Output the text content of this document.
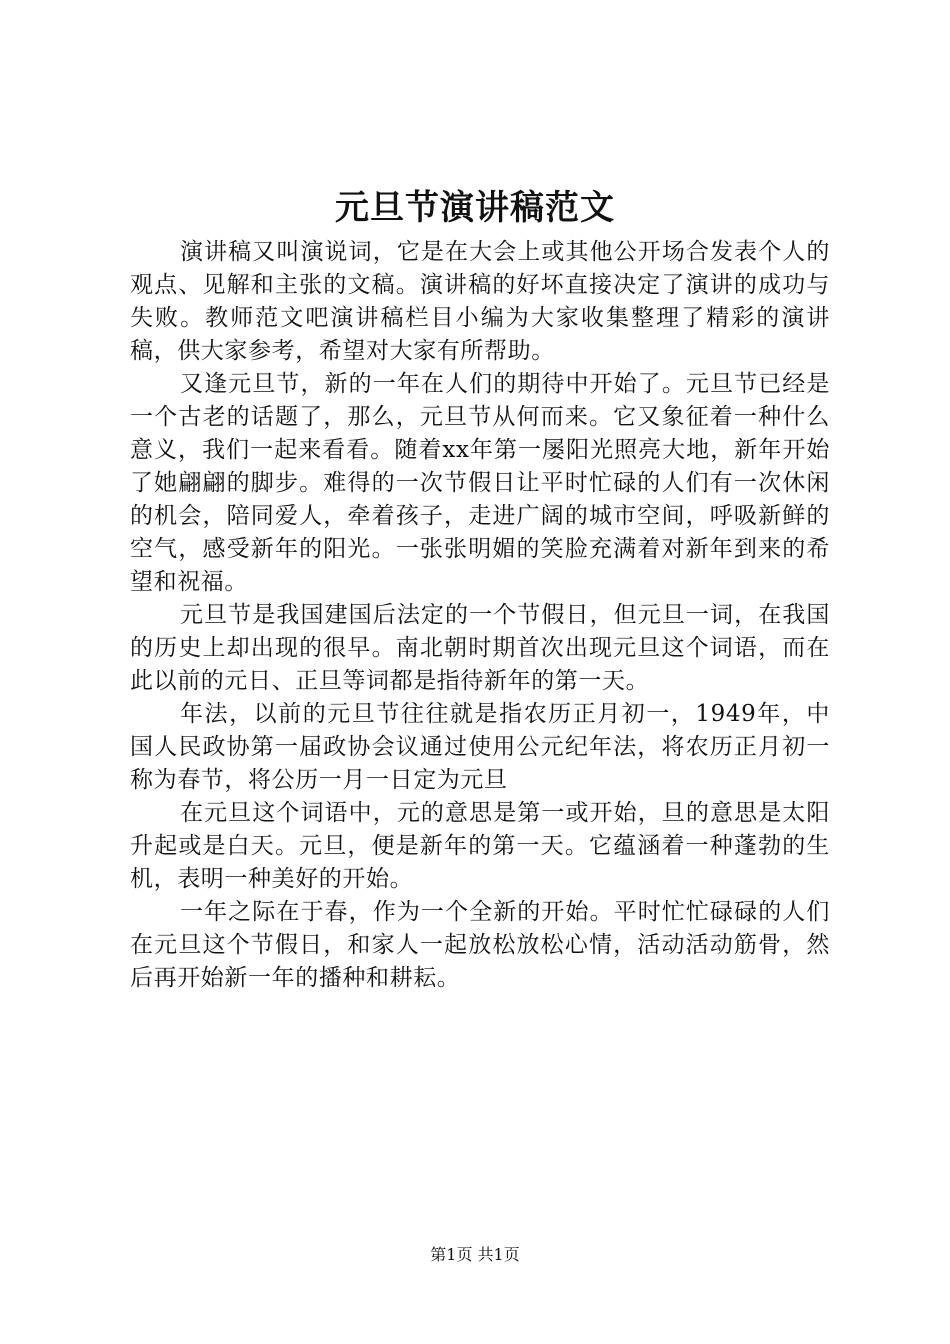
元旦节演讲稿范文

演讲稿又叫演说词，它是在大会上或其他公开场合发表个人的观点、见解和主张的文稿。演讲稿的好坏直接决定了演讲的成功与失败。教师范文吧演讲稿栏目小编为大家收集整理了精彩的演讲稿，供大家参考，希望对大家有所帮助。

又逢元旦节，新的一年在人们的期待中开始了。元旦节已经是一个古老的话题了，那么，元旦节从何而来。它又象征着一种什么意义，我们一起来看看。随着xx年第一屡阳光照亮大地，新年开始了她翩翩的脚步。难得的一次节假日让平时忙碌的人们有一次休闲的机会，陪同爱人，牵着孩子，走进广阔的城市空间，呼吸新鲜的空气，感受新年的阳光。一张张明媚的笑脸充满着对新年到来的希望和祝福。

元旦节是我国建国后法定的一个节假日，但元旦一词，在我国的历史上却出现的很早。南北朝时期首次出现元旦这个词语，而在此以前的元日、正旦等词都是指待新年的第一天。

年法，以前的元旦节往往就是指农历正月初一，1949年，中国人民政协第一届政协会议通过使用公元纪年法，将农历正月初一称为春节，将公历一月一日定为元旦

在元旦这个词语中，元的意思是第一或开始，旦的意思是太阳升起或是白天。元旦，便是新年的第一天。它蕴涵着一种蓬勃的生机，表明一种美好的开始。

一年之际在于春，作为一个全新的开始。平时忙忙碌碌的人们在元旦这个节假日，和家人一起放松放松心情，活动活动筋骨，然后再开始新一年的播种和耕耘。

第1页 共1页
